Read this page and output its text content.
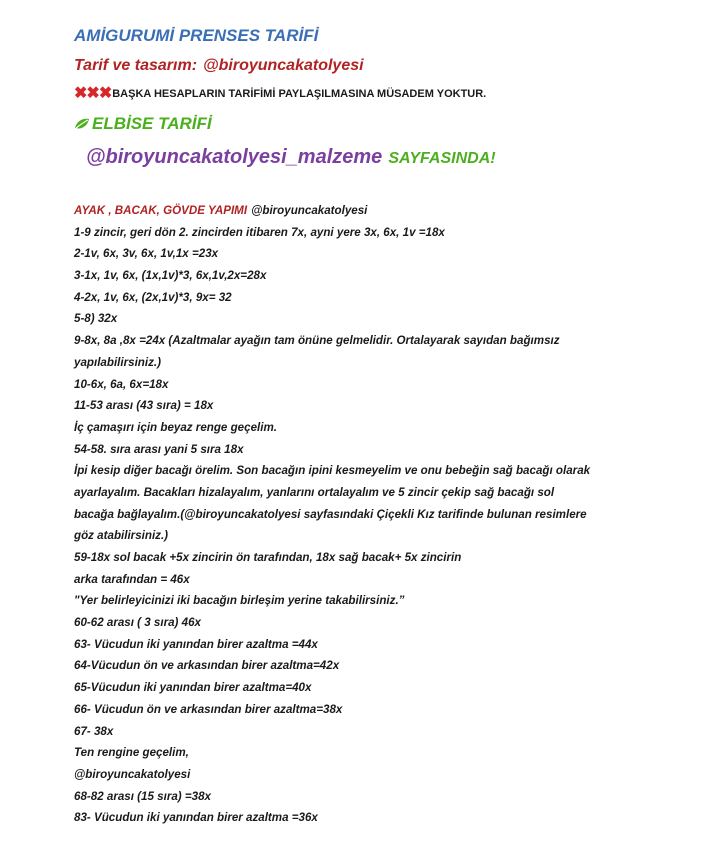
AMİGURUMİ PRENSES TARİFİ
Tarif ve tasarım: @biroyuncakatolyesi
✖✖✖ BAŞKA HESAPLARIN TARİFİMİ PAYLAŞILMASINA MÜSADEM YOKTUR.
ELBİSE TARİFİ
@biroyuncakatolyesi_malzeme SAYFASINDA!
AYAK , BACAK, GÖVDE YAPIMI @biroyuncakatolyesi
1-9 zincir, geri dön 2. zincirden itibaren 7x, ayni yere 3x, 6x, 1v =18x
2-1v, 6x, 3v, 6x, 1v,1x =23x
3-1x, 1v, 6x, (1x,1v)*3, 6x,1v,2x=28x
4-2x, 1v, 6x, (2x,1v)*3, 9x= 32
5-8) 32x
9-8x, 8a ,8x =24x (Azaltmalar ayağın tam önüne gelmelidir. Ortalayarak sayıdan bağımsız
yapılabilirsiniz.)
10-6x, 6a, 6x=18x
11-53 arası (43 sıra) = 18x
İç çamaşırı için beyaz renge geçelim.
54-58. sıra arası yani 5 sıra 18x
İpi kesip diğer bacağı örelim. Son bacağın ipini kesmeyelim ve onu bebeğin sağ bacağı olarak
ayarlayalım. Bacakları hizalayalım, yanlarını ortalayalım ve 5 zincir çekip sağ bacağı sol
bacağa bağlayalım.(@biroyuncakatolyesi sayfasındaki Çiçekli Kız tarifinde bulunan resimlere
göz atabilirsiniz.)
59-18x sol bacak +5x zincirin ön tarafından, 18x sağ bacak+ 5x zincirin
arka tarafından = 46x
"Yer belirleyicinizi iki bacağın birleşim yerine takabilirsiniz.”
60-62 arası ( 3 sıra) 46x
63- Vücudun iki yanından birer azaltma =44x
64-Vücudun ön ve arkasından birer azaltma=42x
65-Vücudun iki yanından birer azaltma=40x
66- Vücudun ön ve arkasından birer azaltma=38x
67- 38x
Ten rengine geçelim,
@biroyuncakatolyesi
68-82 arası (15 sıra) =38x
83- Vücudun iki yanından birer azaltma =36x
